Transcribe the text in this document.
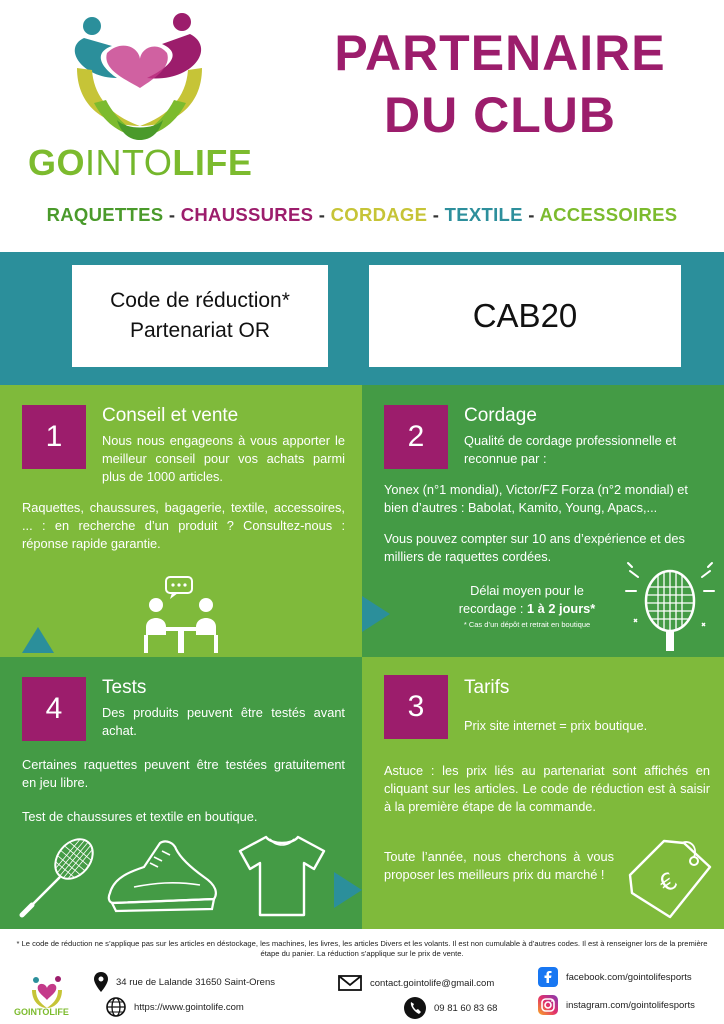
GOINTOLIFE
PARTENAIRE
DU CLUB
RAQUETTES - CHAUSSURES - CORDAGE - TEXTILE - ACCESSOIRES
Code de réduction*
Partenariat OR	CAB20
1
Conseil et vente
Nous nous engageons à vous apporter le meilleur conseil pour vos achats parmi plus de 1000 articles.
Raquettes, chaussures, bagagerie, textile, accessoires, ... : en recherche d’un produit ? Consultez-nous : réponse rapide garantie.
2
Cordage
Qualité de cordage professionnelle et reconnue par :
Yonex (n°1 mondial), Victor/FZ Forza (n°2 mondial) et bien d’autres : Babolat, Kamito, Young, Apacs,...
Vous pouvez compter sur 10 ans d’expérience et des milliers de raquettes cordées.
Délai moyen pour le
recordage : 1 à 2 jours*
* Cas d’un dépôt et retrait en boutique
4
Tests
Des produits peuvent être testés avant achat.
Certaines raquettes peuvent être testées gratuitement en jeu libre.
Test de chaussures et textile en boutique.
3
Tarifs
Prix site internet = prix boutique.
Astuce : les prix liés au partenariat sont affichés en cliquant sur les articles. Le code de réduction est à saisir à la première étape de la commande.
Toute l’année, nous cherchons à vous proposer les meilleurs prix du marché !	€
* Le code de réduction ne s’applique pas sur les articles en déstockage, les machines, les livres, les articles Divers et les volants. Il est non cumulable à d’autres codes. Il est à renseigner lors de la première étape du panier. La réduction s’applique sur le prix de vente.
GOINTOLIFE
34 rue de Lalande 31650 Saint-Orens
https://www.gointolife.com
contact.gointolife@gmail.com
09 81 60 83 68
facebook.com/gointolifesports
instagram.com/gointolifesports
